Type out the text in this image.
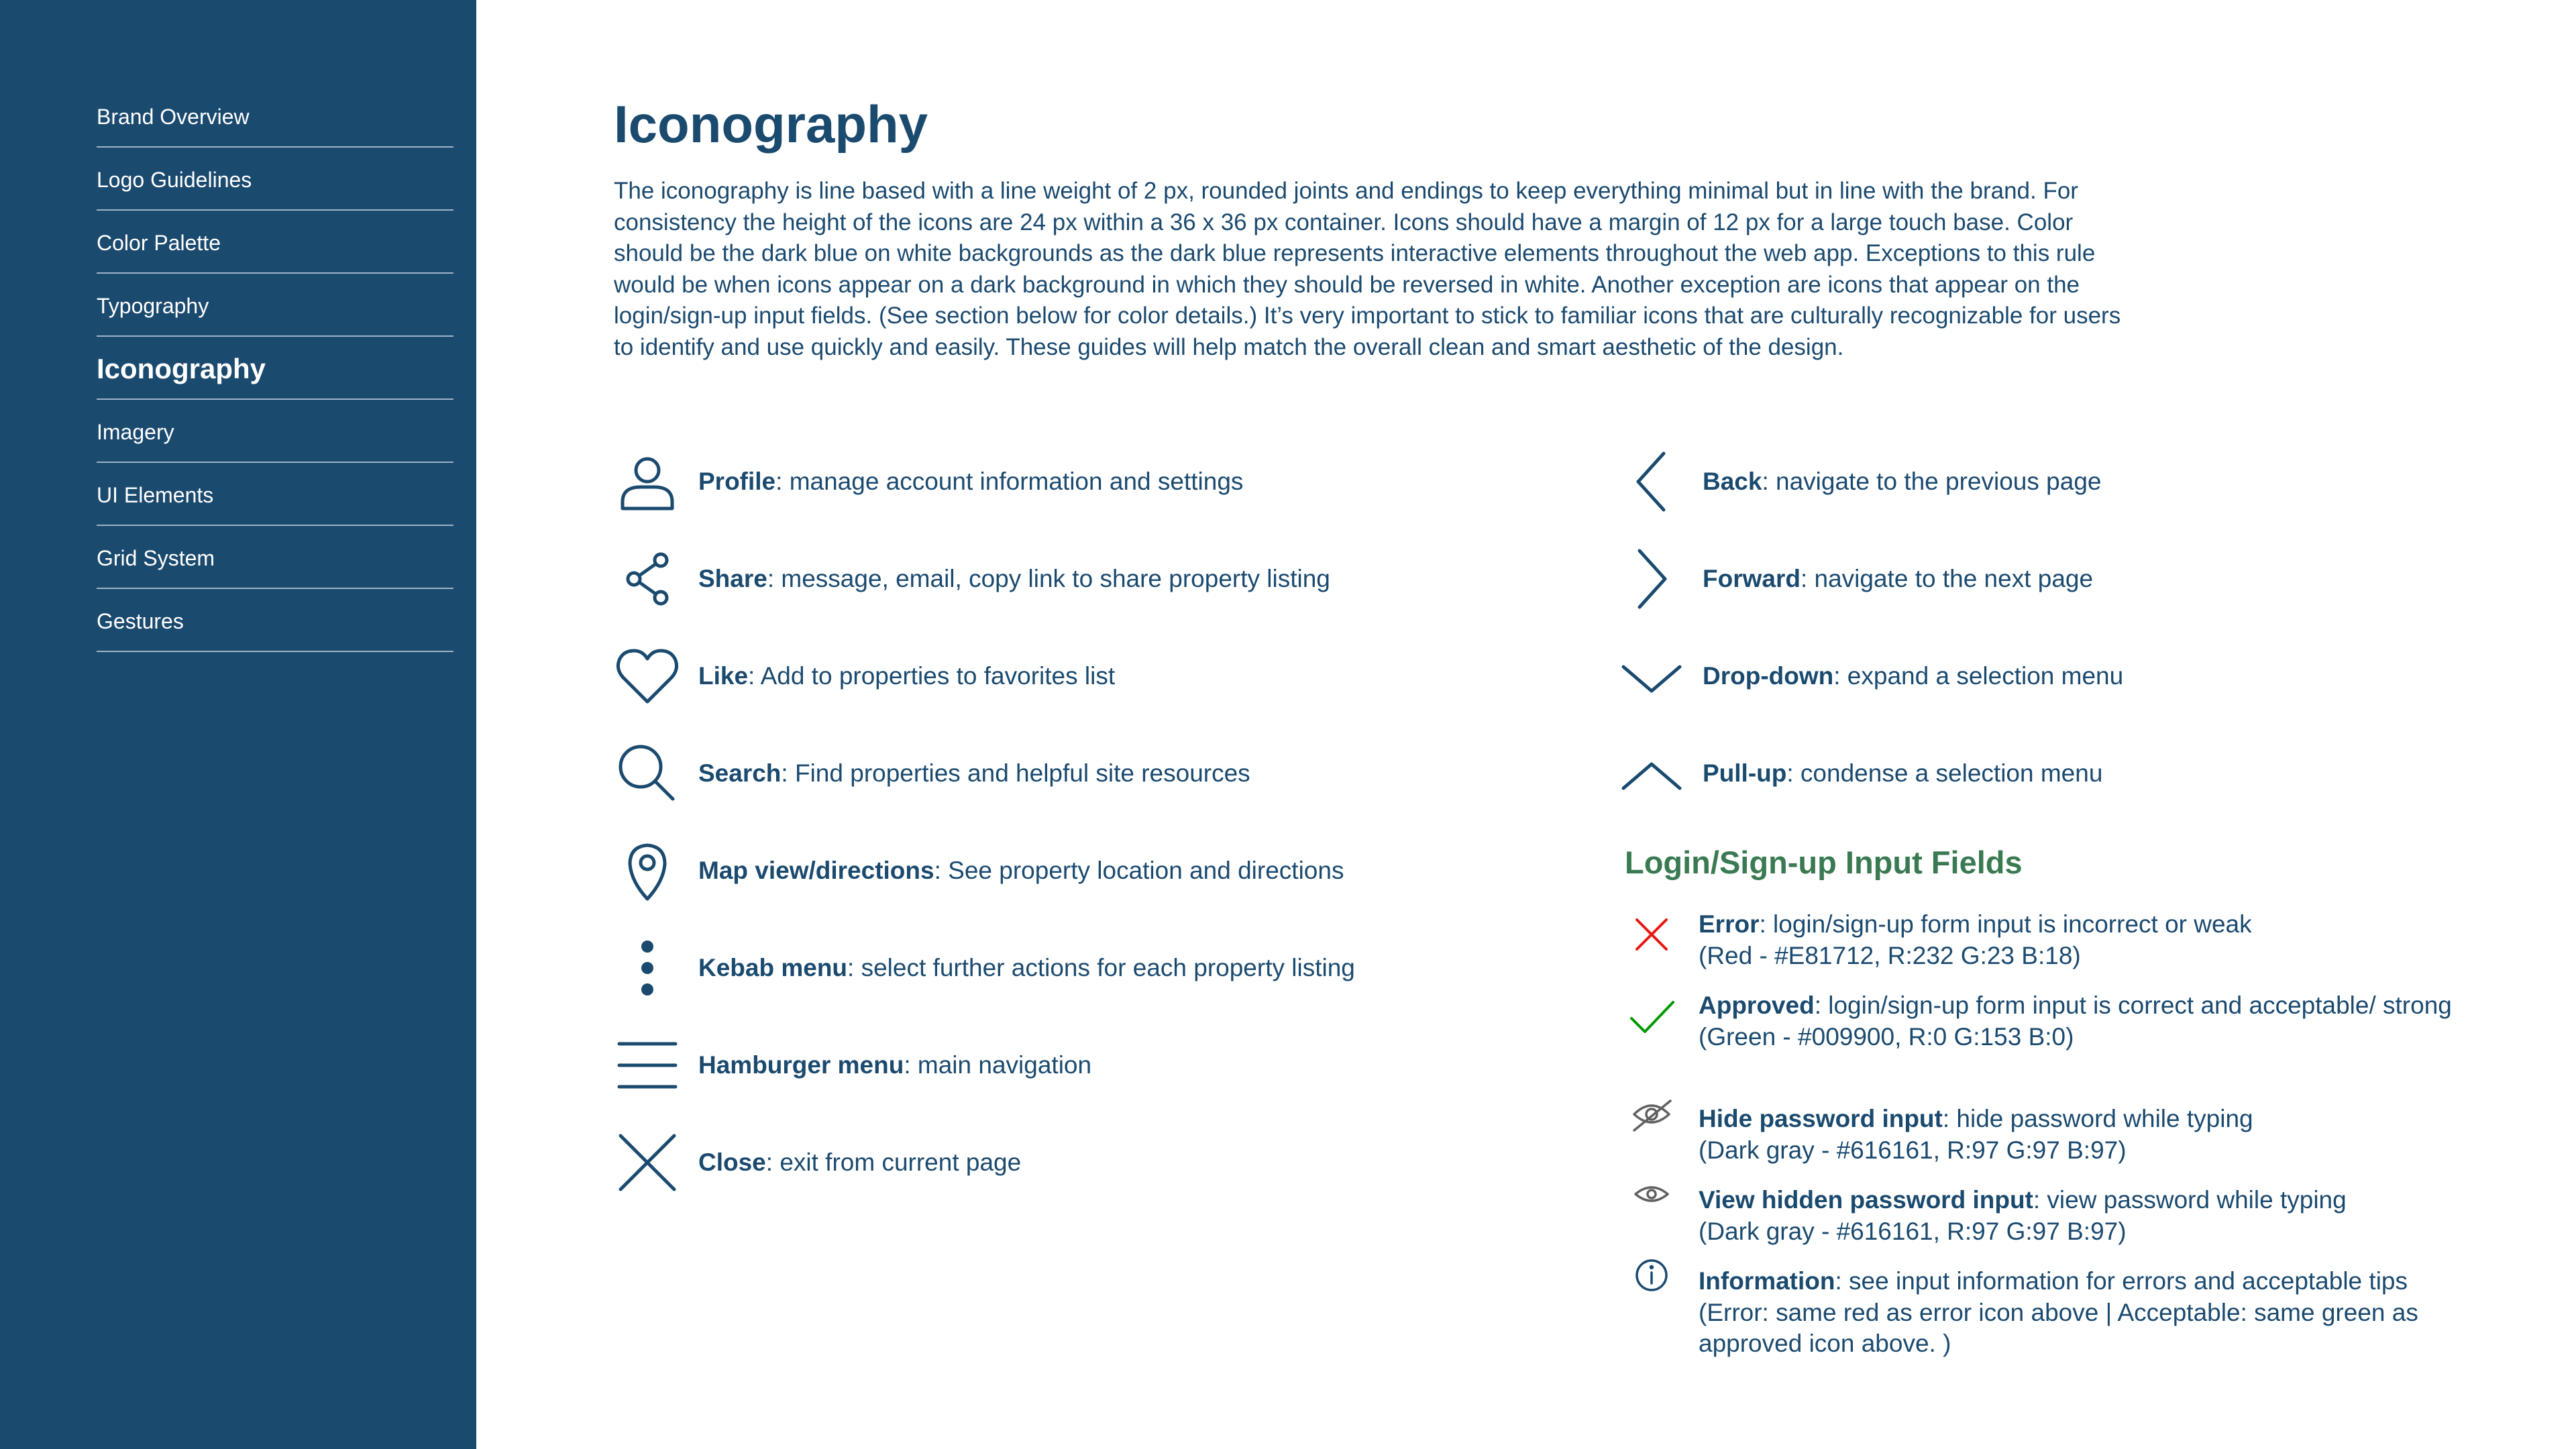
Brand Overview
Logo Guidelines
Color Palette
Typography
Iconography
Imagery
UI Elements
Grid System
Gestures
Iconography
The iconography is line based with a line weight of 2 px, rounded joints and endings to keep everything minimal but in line with the brand. For consistency the height of the icons are 24 px within a 36 x 36 px container. Icons should have a margin of 12 px for a large touch base. Color should be the dark blue on white backgrounds as the dark blue represents interactive elements throughout the web app. Exceptions to this rule would be when icons appear on a dark background in which they should be reversed in white. Another exception are icons that appear on the login/sign-up input fields. (See section below for color details.) It’s very important to stick to familiar icons that are culturally recognizable for users to identify and use quickly and easily. These guides will help match the overall clean and smart aesthetic of the design.
Profile: manage account information and settings
Share: message, email, copy link to share property listing
Like: Add to properties to favorites list
Search: Find properties and helpful site resources
Map view/directions: See property location and directions
Kebab menu: select further actions for each property listing
Hamburger menu: main navigation
Close: exit from current page
Back: navigate to the previous page
Forward: navigate to the next page
Drop-down: expand a selection menu
Pull-up: condense a selection menu
Login/Sign-up Input Fields
Error: login/sign-up form input is incorrect or weak
(Red - #E81712, R:232 G:23 B:18)
Approved: login/sign-up form input is correct and acceptable/ strong
(Green - #009900, R:0 G:153 B:0)
Hide password input: hide password while typing
(Dark gray - #616161, R:97 G:97 B:97)
View hidden password input: view password while typing
(Dark gray - #616161, R:97 G:97 B:97)
Information: see input information for errors and acceptable tips
(Error: same red as error icon above | Acceptable: same green as approved icon above. )
